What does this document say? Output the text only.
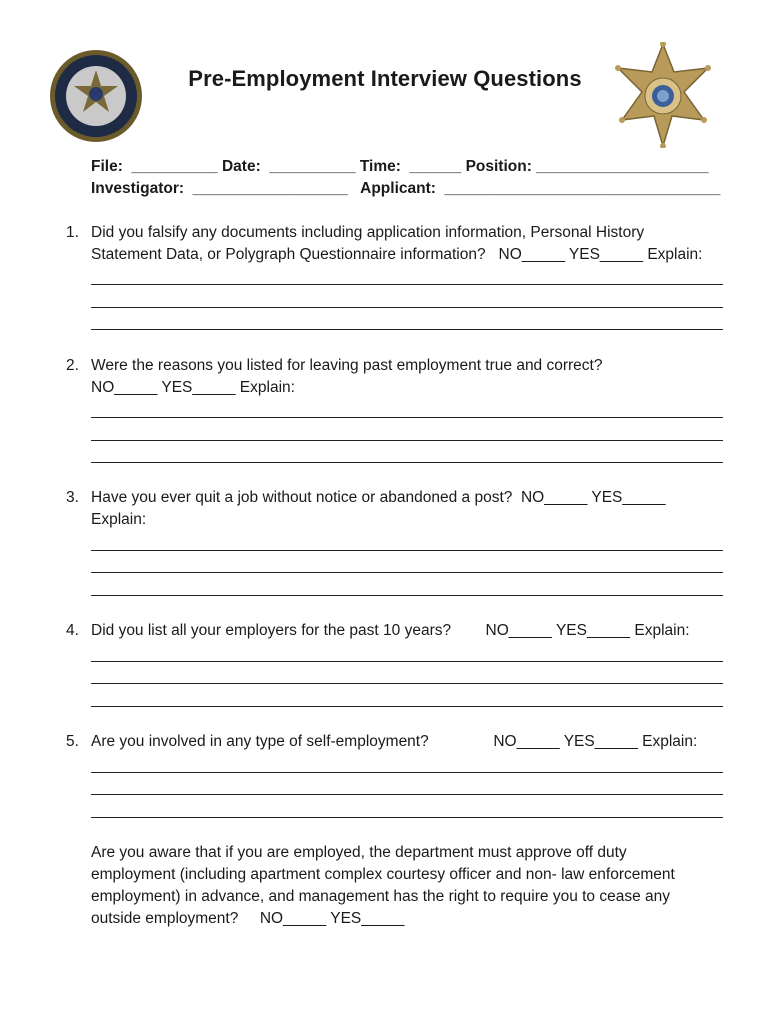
Pre-Employment Interview Questions
File:  __________ Date:  __________ Time:  ______ Position: ____________________
Investigator:  __________________   Applicant:  ________________________________
1. Did you falsify any documents including application information, Personal History
Statement Data, or Polygraph Questionnaire information?   NO_____ YES_____ Explain:
2. Were the reasons you listed for leaving past employment true and correct?
NO_____ YES_____ Explain:
3. Have you ever quit a job without notice or abandoned a post?  NO_____ YES_____
Explain:
4. Did you list all your employers for the past 10 years?        NO_____ YES_____ Explain:
5. Are you involved in any type of self-employment?               NO_____ YES_____ Explain:
Are you aware that if you are employed, the department must approve off duty
employment (including apartment complex courtesy officer and non- law enforcement
employment) in advance, and management has the right to require you to cease any
outside employment?     NO_____ YES_____
